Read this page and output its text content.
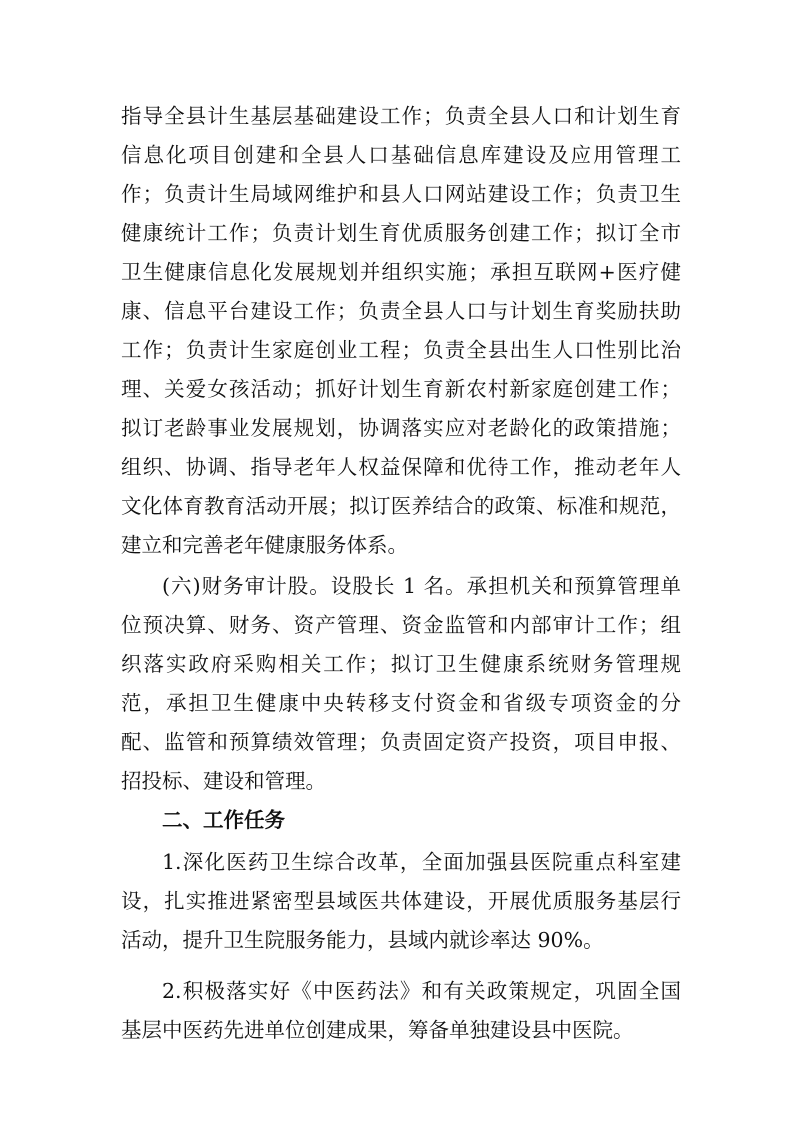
指导全县计生基层基础建设工作；负责全县人口和计划生育
信息化项目创建和全县人口基础信息库建设及应用管理工
作；负责计生局域网维护和县人口网站建设工作；负责卫生
健康统计工作；负责计划生育优质服务创建工作；拟订全市
卫生健康信息化发展规划并组织实施；承担互联网+医疗健
康、信息平台建设工作；负责全县人口与计划生育奖励扶助
工作；负责计生家庭创业工程；负责全县出生人口性别比治
理、关爱女孩活动；抓好计划生育新农村新家庭创建工作；
拟订老龄事业发展规划，协调落实应对老龄化的政策措施；
组织、协调、指导老年人权益保障和优待工作，推动老年人
文化体育教育活动开展；拟订医养结合的政策、标准和规范，
建立和完善老年健康服务体系。
(六)财务审计股。设股长 1 名。承担机关和预算管理单
位预决算、财务、资产管理、资金监管和内部审计工作；组
织落实政府采购相关工作；拟订卫生健康系统财务管理规
范，承担卫生健康中央转移支付资金和省级专项资金的分
配、监管和预算绩效管理；负责固定资产投资，项目申报、
招投标、建设和管理。
二、工作任务
1.深化医药卫生综合改革，全面加强县医院重点科室建
设，扎实推进紧密型县域医共体建设，开展优质服务基层行
活动，提升卫生院服务能力，县域内就诊率达 90%。
2.积极落实好《中医药法》和有关政策规定，巩固全国
基层中医药先进单位创建成果，筹备单独建设县中医院。
